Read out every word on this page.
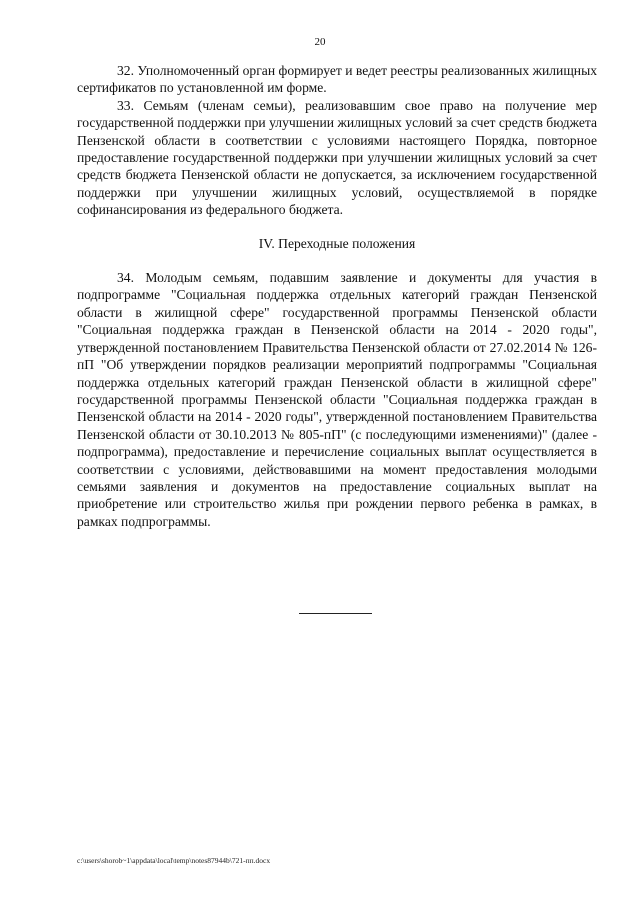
20

32. Уполномоченный орган формирует и ведет реестры реализованных жилищных сертификатов по установленной им форме.

33. Семьям (членам семьи), реализовавшим свое право на получение мер государственной поддержки при улучшении жилищных условий за счет средств бюджета Пензенской области в соответствии с условиями настоящего Порядка, повторное предоставление государственной поддержки при улучшении жилищных условий за счет средств бюджета Пензенской области не допускается, за исключением государственной поддержки при улучшении жилищных условий, осуществляемой в порядке софинансирования из федерального бюджета.

IV. Переходные положения

34. Молодым семьям, подавшим заявление и документы для участия в подпрограмме "Социальная поддержка отдельных категорий граждан Пензенской области в жилищной сфере" государственной программы Пензенской области "Социальная поддержка граждан в Пензенской области на 2014 - 2020 годы", утвержденной постановлением Правительства Пензенской области от 27.02.2014 № 126-пП "Об утверждении порядков реализации мероприятий подпрограммы "Социальная поддержка отдельных категорий граждан Пензенской области в жилищной сфере" государственной программы Пензенской области "Социальная поддержка граждан в Пензенской области на 2014 - 2020 годы", утвержденной постановлением Правительства Пензенской области от 30.10.2013 № 805-пП" (с последующими изменениями)" (далее - подпрограмма), предоставление и перечисление социальных выплат осуществляется в соответствии с условиями, действовавшими на момент предоставления молодыми семьями заявления и документов на предоставление социальных выплат на приобретение или строительство жилья при рождении первого ребенка в рамках, в рамках подпрограммы.

c:\users\shorob~1\appdata\local\temp\notes87944b\721-пп.docx
